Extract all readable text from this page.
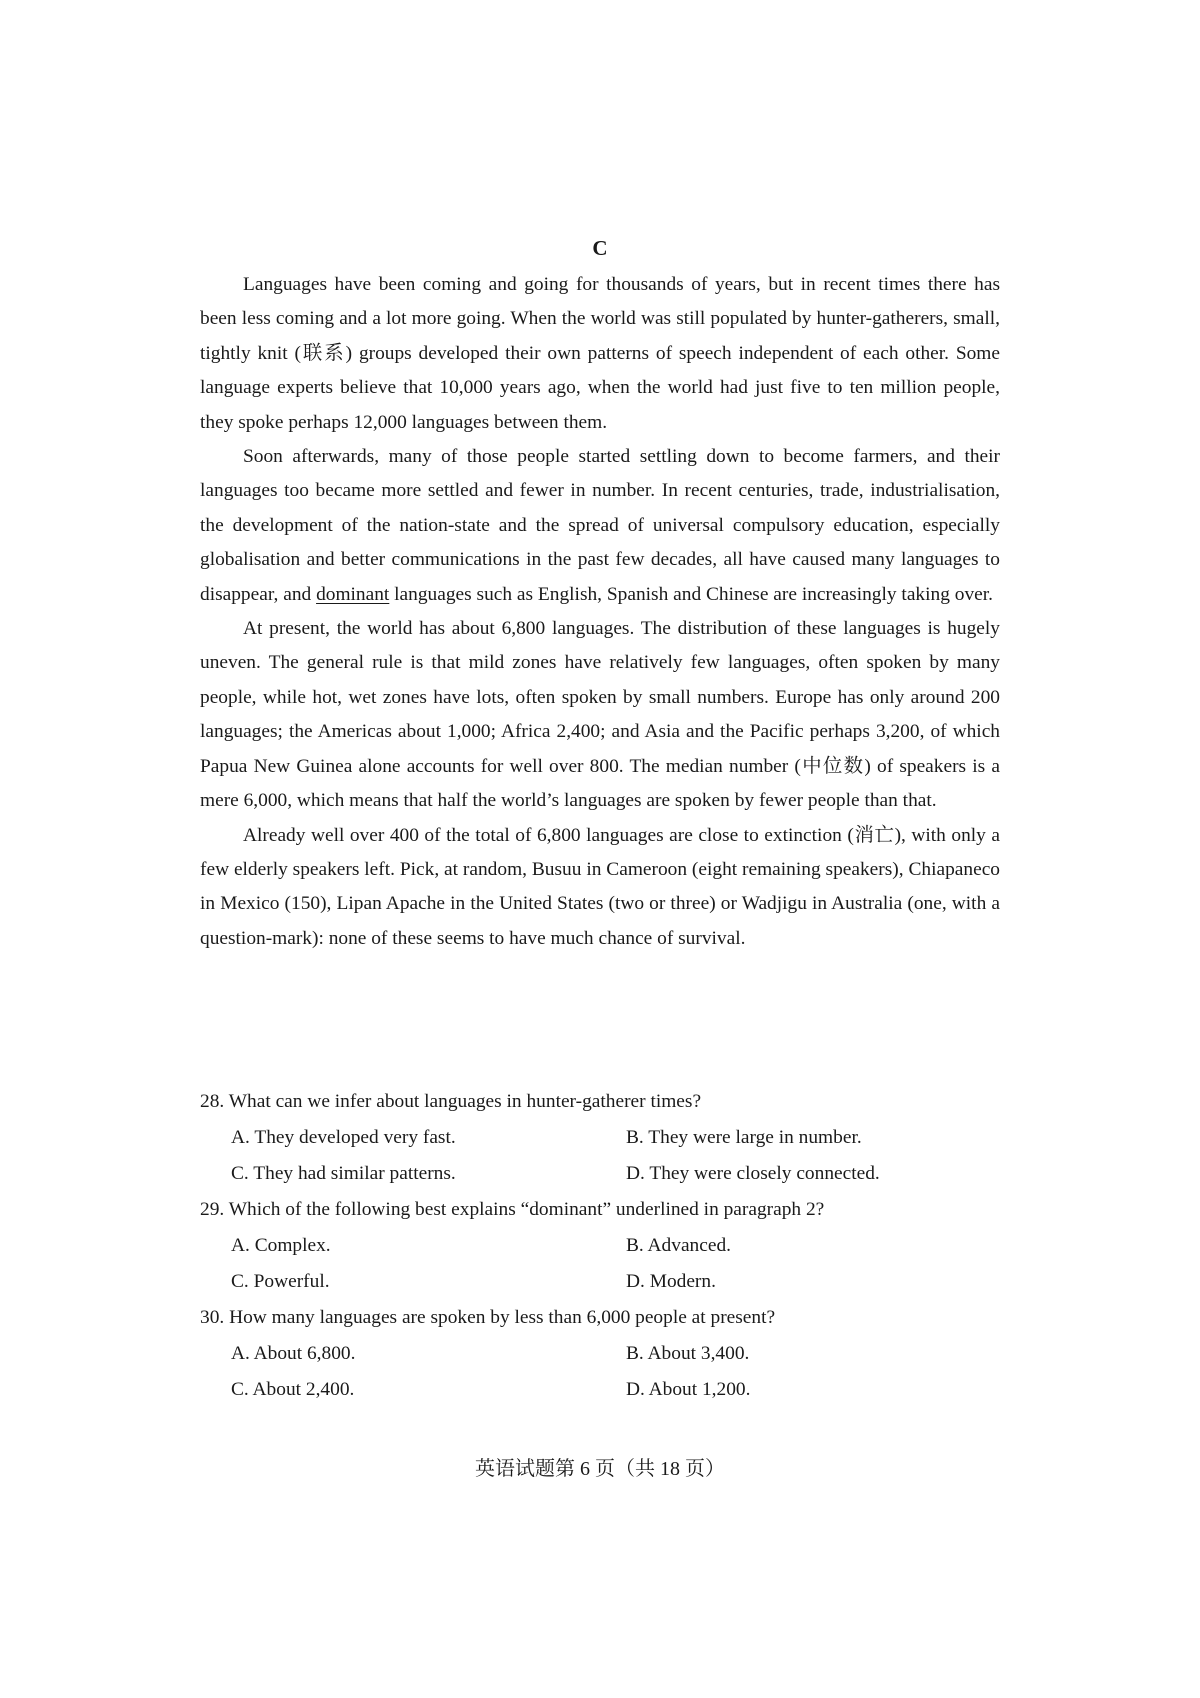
C

Languages have been coming and going for thousands of years, but in recent times there has been less coming and a lot more going. When the world was still populated by hunter-gatherers, small, tightly knit (联系) groups developed their own patterns of speech independent of each other. Some language experts believe that 10,000 years ago, when the world had just five to ten million people, they spoke perhaps 12,000 languages between them.

Soon afterwards, many of those people started settling down to become farmers, and their languages too became more settled and fewer in number. In recent centuries, trade, industrialisation, the development of the nation-state and the spread of universal compulsory education, especially globalisation and better communications in the past few decades, all have caused many languages to disappear, and dominant languages such as English, Spanish and Chinese are increasingly taking over.

At present, the world has about 6,800 languages. The distribution of these languages is hugely uneven. The general rule is that mild zones have relatively few languages, often spoken by many people, while hot, wet zones have lots, often spoken by small numbers. Europe has only around 200 languages; the Americas about 1,000; Africa 2,400; and Asia and the Pacific perhaps 3,200, of which Papua New Guinea alone accounts for well over 800. The median number (中位数) of speakers is a mere 6,000, which means that half the world’s languages are spoken by fewer people than that.

Already well over 400 of the total of 6,800 languages are close to extinction (消亡), with only a few elderly speakers left. Pick, at random, Busuu in Cameroon (eight remaining speakers), Chiapaneco in Mexico (150), Lipan Apache in the United States (two or three) or Wadjigu in Australia (one, with a question-mark): none of these seems to have much chance of survival.

28. What can we infer about languages in hunter-gatherer times?
A. They developed very fast.	B. They were large in number.
C. They had similar patterns.	D. They were closely connected.
29. Which of the following best explains “dominant” underlined in paragraph 2?
A. Complex.	B. Advanced.
C. Powerful.	D. Modern.
30. How many languages are spoken by less than 6,000 people at present?
A. About 6,800.	B. About 3,400.
C. About 2,400.	D. About 1,200.
英语试题第 6 页（共 18 页）
